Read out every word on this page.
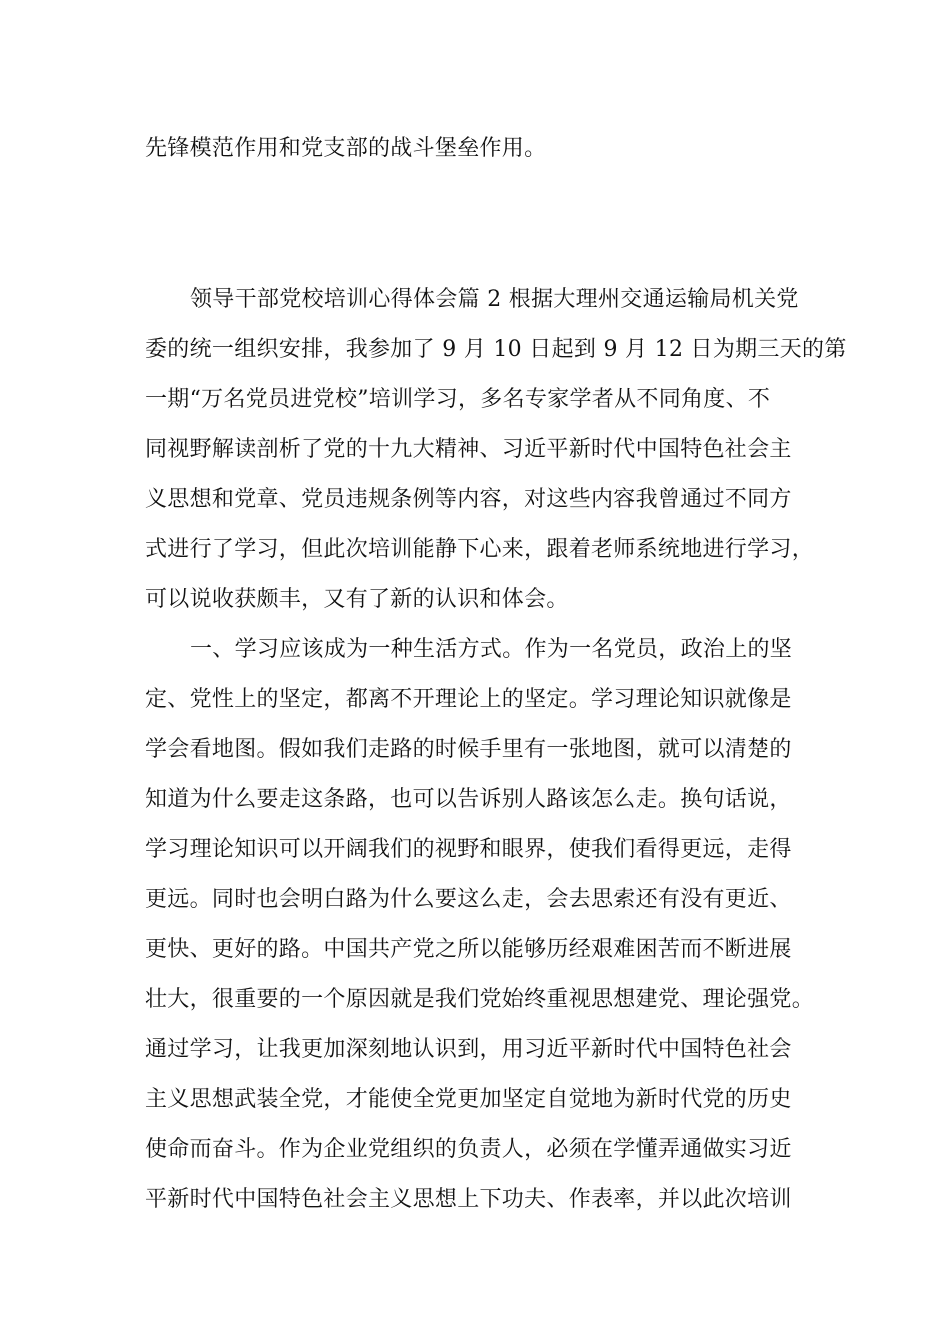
先锋模范作用和党支部的战斗堡垒作用。
领导干部党校培训心得体会篇 2 根据大理州交通运输局机关党
委的统一组织安排，我参加了 9 月 10 日起到 9 月 12 日为期三天的第
一期“万名党员进党校”培训学习，多名专家学者从不同角度、不
同视野解读剖析了党的十九大精神、习近平新时代中国特色社会主
义思想和党章、党员违规条例等内容，对这些内容我曾通过不同方
式进行了学习，但此次培训能静下心来，跟着老师系统地进行学习，
可以说收获颇丰，又有了新的认识和体会。
一、学习应该成为一种生活方式。作为一名党员，政治上的坚
定、党性上的坚定，都离不开理论上的坚定。学习理论知识就像是
学会看地图。假如我们走路的时候手里有一张地图，就可以清楚的
知道为什么要走这条路，也可以告诉别人路该怎么走。换句话说，
学习理论知识可以开阔我们的视野和眼界，使我们看得更远，走得
更远。同时也会明白路为什么要这么走，会去思索还有没有更近、
更快、更好的路。中国共产党之所以能够历经艰难困苦而不断进展
壮大，很重要的一个原因就是我们党始终重视思想建党、理论强党。
通过学习，让我更加深刻地认识到，用习近平新时代中国特色社会
主义思想武装全党，才能使全党更加坚定自觉地为新时代党的历史
使命而奋斗。作为企业党组织的负责人，必须在学懂弄通做实习近
平新时代中国特色社会主义思想上下功夫、作表率，并以此次培训
